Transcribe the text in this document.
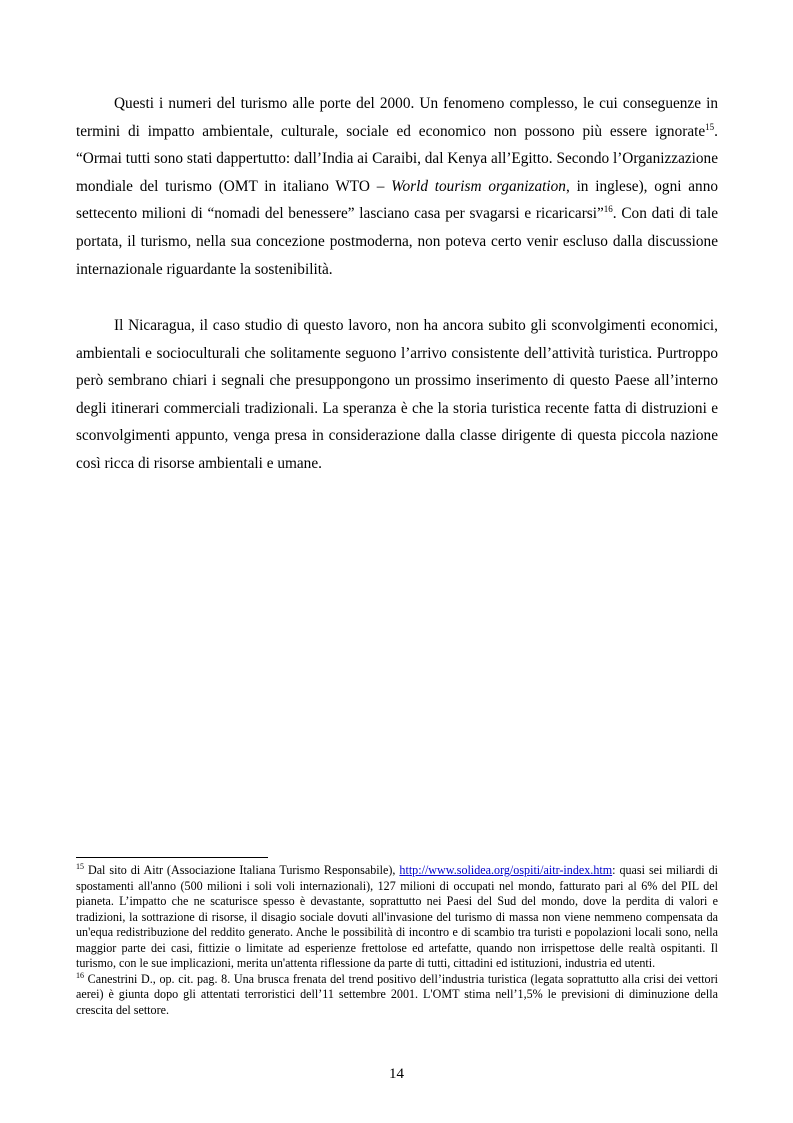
Questi i numeri del turismo alle porte del 2000. Un fenomeno complesso, le cui conseguenze in termini di impatto ambientale, culturale, sociale ed economico non possono più essere ignorate$^{15}$. “Ormai tutti sono stati dappertutto: dall’India ai Caraibi, dal Kenya all’Egitto. Secondo l’Organizzazione mondiale del turismo (OMT in italiano WTO – World tourism organization, in inglese), ogni anno settecento milioni di “nomadi del benessere” lasciano casa per svagarsi e ricaricarsi”$^{16}$. Con dati di tale portata, il turismo, nella sua concezione postmoderna, non poteva certo venir escluso dalla discussione internazionale riguardante la sostenibilità.

Il Nicaragua, il caso studio di questo lavoro, non ha ancora subito gli sconvolgimenti economici, ambientali e socioculturali che solitamente seguono l’arrivo consistente dell’attività turistica. Purtroppo però sembrano chiari i segnali che presuppongono un prossimo inserimento di questo Paese all’interno degli itinerari commerciali tradizionali. La speranza è che la storia turistica recente fatta di distruzioni e sconvolgimenti appunto, venga presa in considerazione dalla classe dirigente di questa piccola nazione così ricca di risorse ambientali e umane.

$^{15}$ Dal sito di Aitr (Associazione Italiana Turismo Responsabile), http://www.solidea.org/ospiti/aitr-index.htm: quasi sei miliardi di spostamenti all'anno (500 milioni i soli voli internazionali), 127 milioni di occupati nel mondo, fatturato pari al 6% del PIL del pianeta. L’impatto che ne scaturisce spesso è devastante, soprattutto nei Paesi del Sud del mondo, dove la perdita di valori e tradizioni, la sottrazione di risorse, il disagio sociale dovuti all'invasione del turismo di massa non viene nemmeno compensata da un'equa redistribuzione del reddito generato. Anche le possibilità di incontro e di scambio tra turisti e popolazioni locali sono, nella maggior parte dei casi, fittizie o limitate ad esperienze frettolose ed artefatte, quando non irrispettose delle realtà ospitanti. Il turismo, con le sue implicazioni, merita un'attenta riflessione da parte di tutti, cittadini ed istituzioni, industria ed utenti.

$^{16}$ Canestrini D., op. cit. pag. 8. Una brusca frenata del trend positivo dell’industria turistica (legata soprattutto alla crisi dei vettori aerei) è giunta dopo gli attentati terroristici dell’11 settembre 2001. L'OMT stima nell’1,5% le previsioni di diminuzione della crescita del settore.

14
